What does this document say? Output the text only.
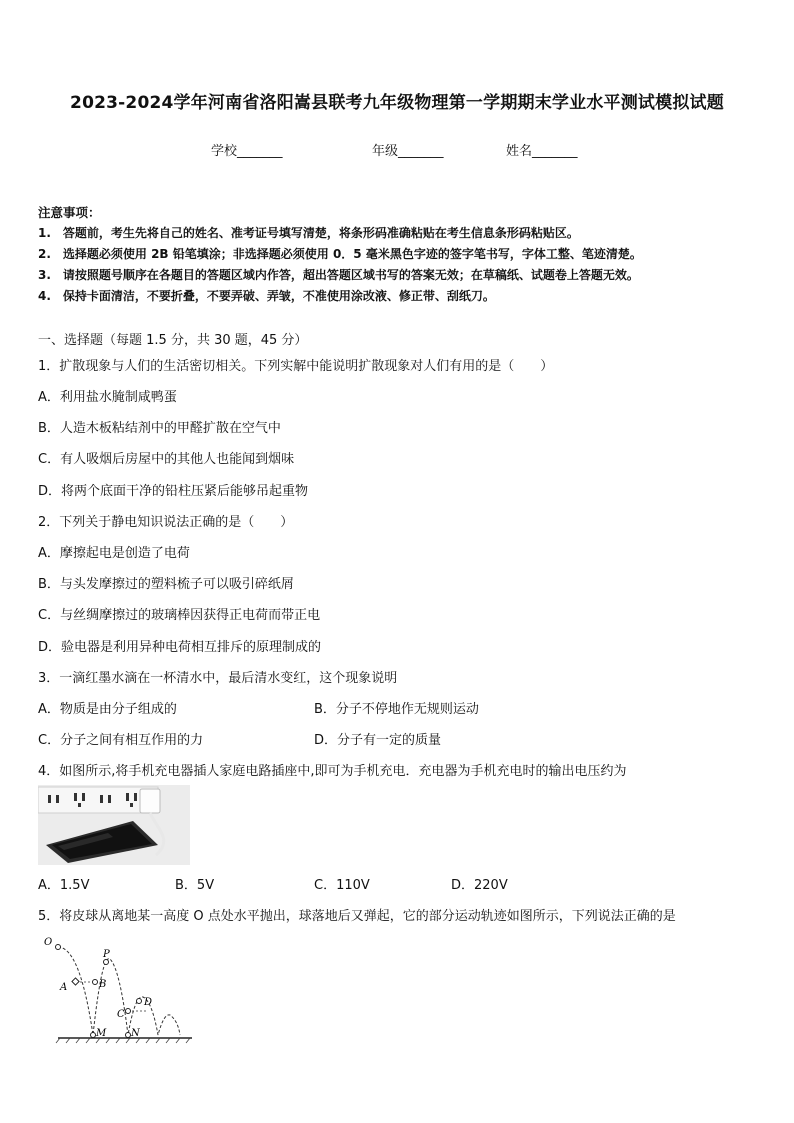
2023-2024学年河南省洛阳嵩县联考九年级物理第一学期期末学业水平测试模拟试题
学校_______	年级_______	姓名_______
注意事项：
1.　答题前，考生先将自己的姓名、准考证号填写清楚，将条形码准确粘贴在考生信息条形码粘贴区。
2.　选择题必须使用 2B 铅笔填涂；非选择题必须使用 0．5 毫米黑色字迹的签字笔书写，字体工整、笔迹清楚。
3.　请按照题号顺序在各题目的答题区域内作答，超出答题区域书写的答案无效；在草稿纸、试题卷上答题无效。
4.　保持卡面清洁，不要折叠，不要弄破、弄皱，不准使用涂改液、修正带、刮纸刀。
一、选择题（每题 1.5 分，共 30 题，45 分）
1．扩散现象与人们的生活密切相关。下列实解中能说明扩散现象对人们有用的是（　　）
A．利用盐水腌制咸鸭蛋
B．人造木板粘结剂中的甲醛扩散在空气中
C．有人吸烟后房屋中的其他人也能闻到烟味
D．将两个底面干净的铅柱压紧后能够吊起重物
2．下列关于静电知识说法正确的是（　　）
A．摩擦起电是创造了电荷
B．与头发摩擦过的塑料梳子可以吸引碎纸屑
C．与丝绸摩擦过的玻璃棒因获得正电荷而带正电
D．验电器是利用异种电荷相互排斥的原理制成的
3．一滴红墨水滴在一杯清水中，最后清水变红，这个现象说明
A．物质是由分子组成的	B．分子不停地作无规则运动
C．分子之间有相互作用的力	D．分子有一定的质量
4．如图所示,将手机充电器插人家庭电路插座中,即可为手机充电．充电器为手机充电时的输出电压约为
A．1.5V	B．5V	C．110V	D．220V
5．将皮球从离地某一高度 O 点处水平抛出，球落地后又弹起，它的部分运动轨迹如图所示，下列说法正确的是
O
P
A	B
C
D
M N
